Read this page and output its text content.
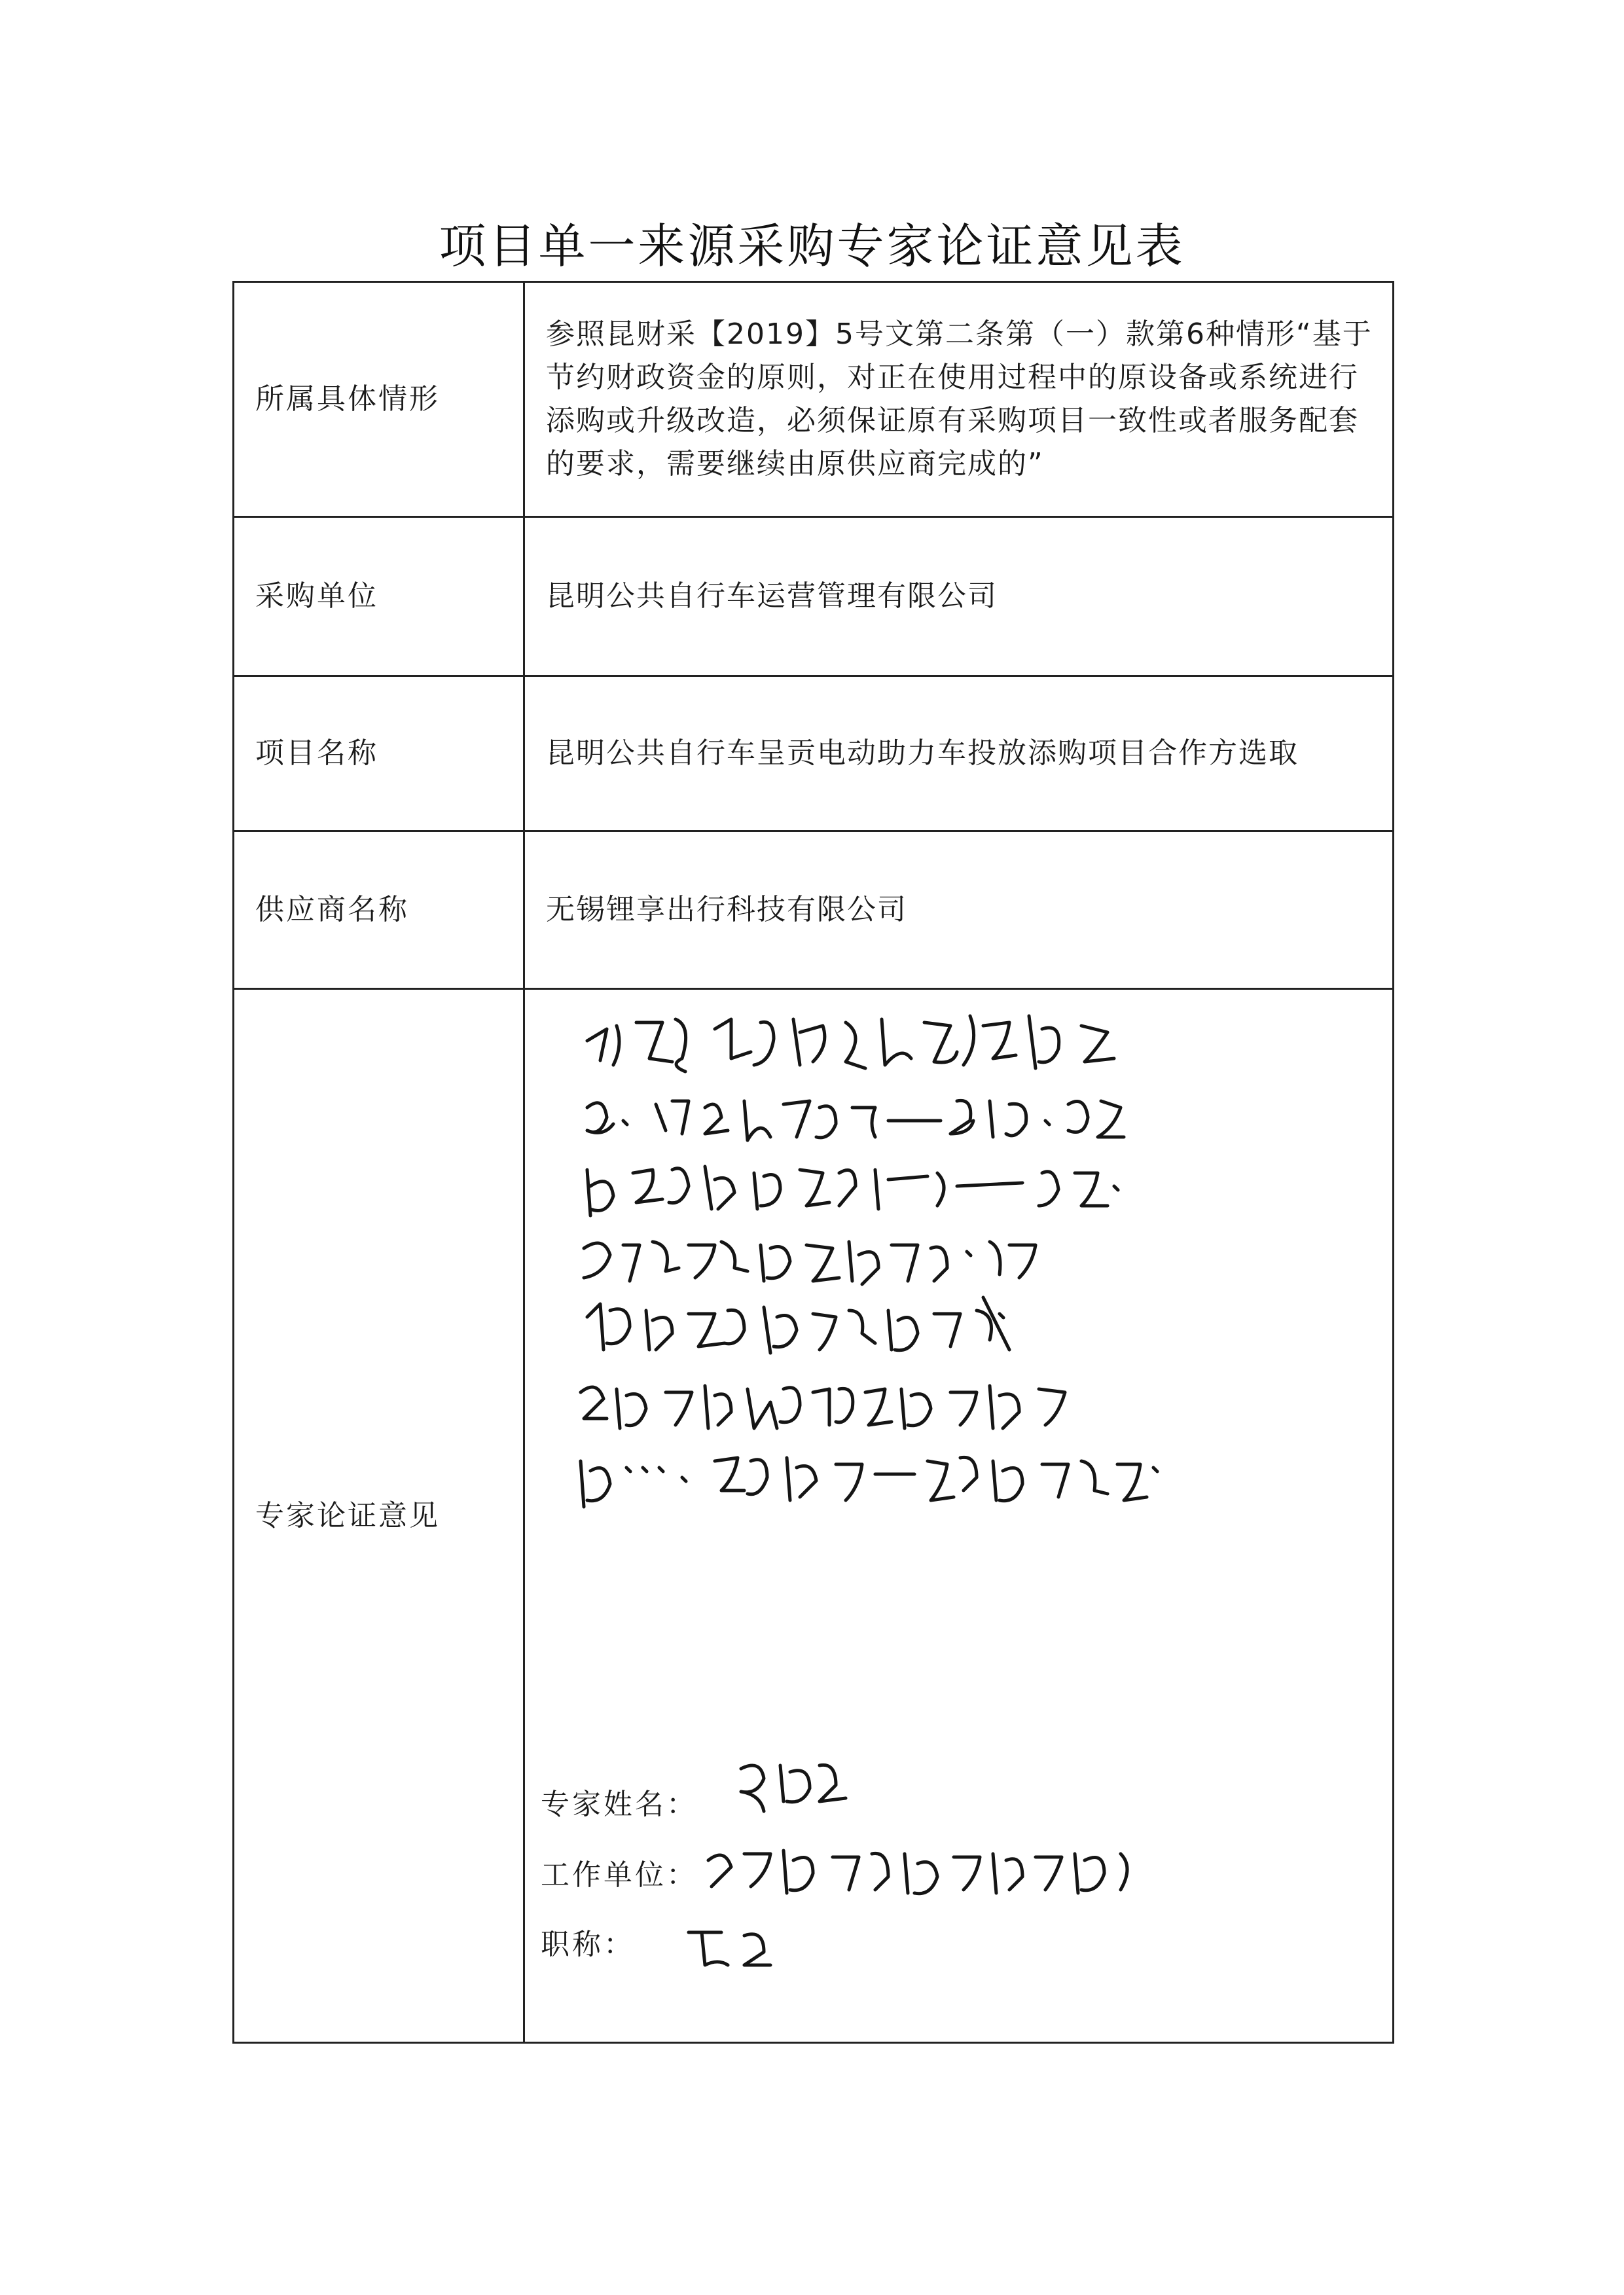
项目单一来源采购专家论证意见表
所属具体情形	参照昆财采【2019】5号文第二条第（一）款第6种情形“基于节约财政资金的原则，对正在使用过程中的原设备或系统进行添购或升级改造，必须保证原有采购项目一致性或者服务配套的要求，需要继续由原供应商完成的”
采购单位	昆明公共自行车运营管理有限公司
项目名称	昆明公共自行车呈贡电动助力车投放添购项目合作方选取
供应商名称	无锡锂享出行科技有限公司
专家论证意见	专家姓名：
工作单位：
职称：
